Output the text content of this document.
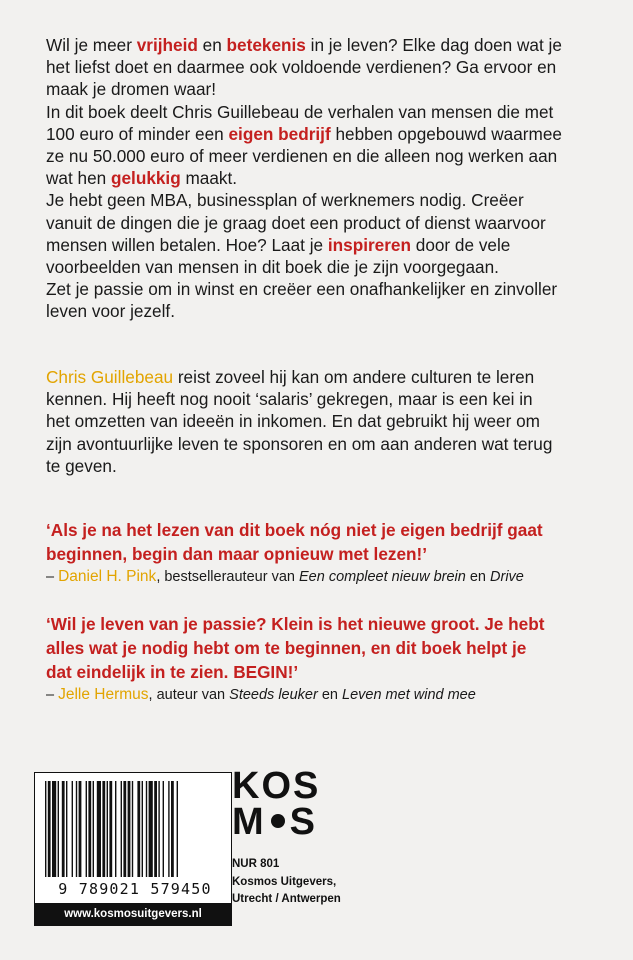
Wil je meer vrijheid en betekenis in je leven? Elke dag doen wat je
het liefst doet en daarmee ook voldoende verdienen? Ga ervoor en
maak je dromen waar!
In dit boek deelt Chris Guillebeau de verhalen van mensen die met
100 euro of minder een eigen bedrijf hebben opgebouwd waarmee
ze nu 50.000 euro of meer verdienen en die alleen nog werken aan
wat hen gelukkig maakt.
Je hebt geen MBA, businessplan of werknemers nodig. Creëer
vanuit de dingen die je graag doet een product of dienst waarvoor
mensen willen betalen. Hoe? Laat je inspireren door de vele
voorbeelden van mensen in dit boek die je zijn voorgegaan.
Zet je passie om in winst en creëer een onafhankelijker en zinvoller
leven voor jezelf.
Chris Guillebeau reist zoveel hij kan om andere culturen te leren
kennen. Hij heeft nog nooit ‘salaris’ gekregen, maar is een kei in
het omzetten van ideeën in inkomen. En dat gebruikt hij weer om
zijn avontuurlijke leven te sponsoren en om aan anderen wat terug
te geven.
‘Als je na het lezen van dit boek nóg niet je eigen bedrijf gaat
beginnen, begin dan maar opnieuw met lezen!’
– Daniel H. Pink, bestsellerauteur van Een compleet nieuw brein en Drive
‘Wil je leven van je passie? Klein is het nieuwe groot. Je hebt
alles wat je nodig hebt om te beginnen, en dit boek helpt je
dat eindelijk in te zien. BEGIN!’
– Jelle Hermus, auteur van Steeds leuker en Leven met wind mee
9 789021 579450
www.kosmosuitgevers.nl
KOS
M S
NUR 801
Kosmos Uitgevers,
Utrecht / Antwerpen
